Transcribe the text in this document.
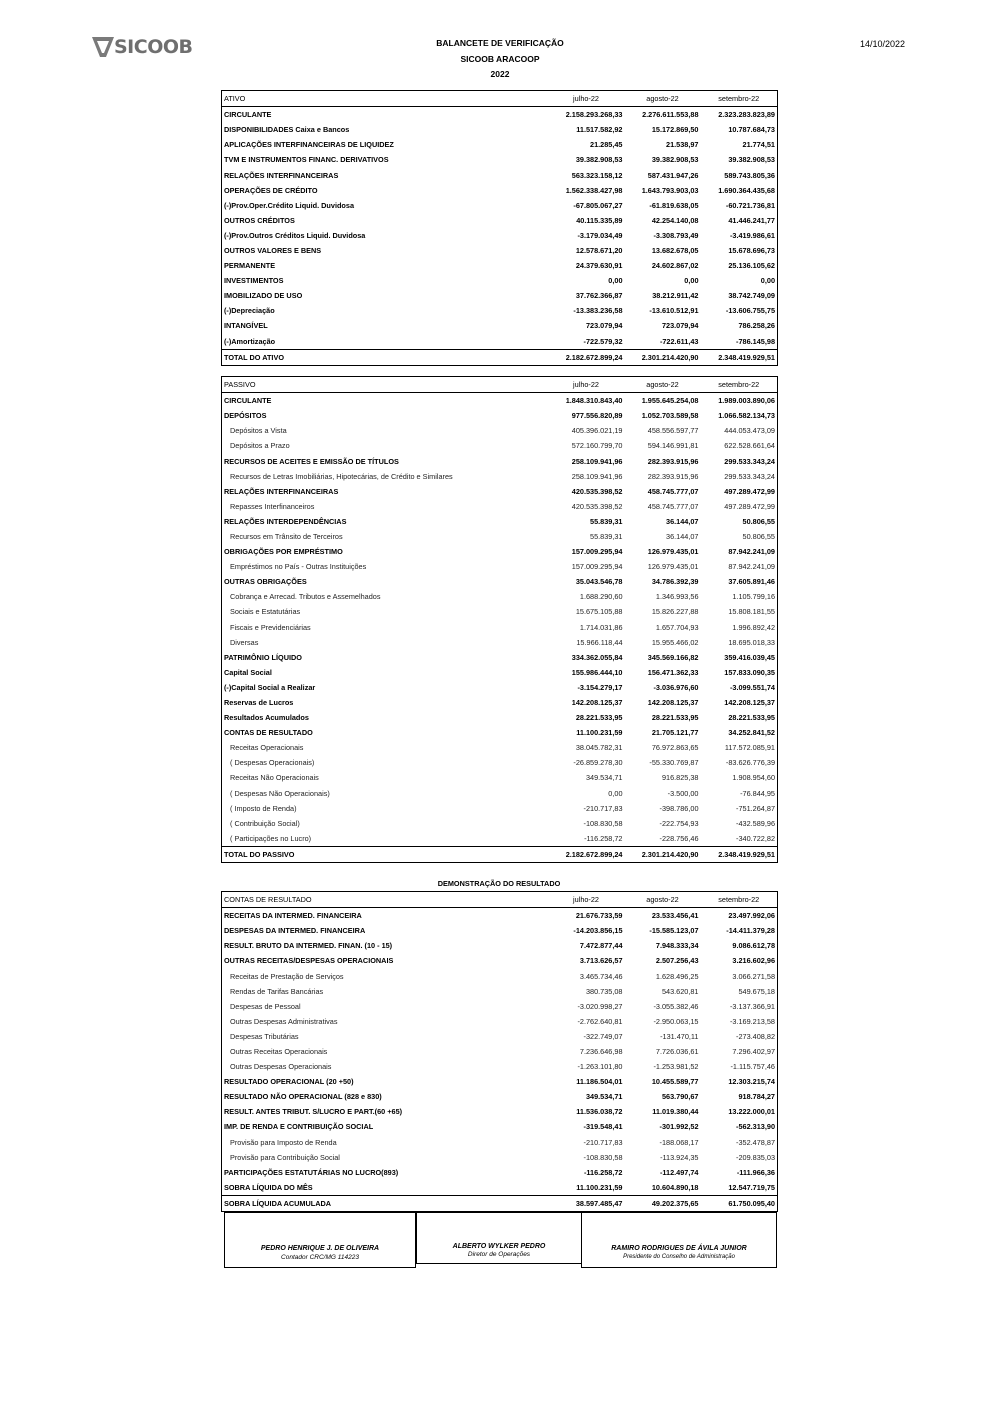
SICOOB	14/10/2022
BALANCETE DE VERIFICAÇÃO
SICOOB ARACOOP
2022
ATIVO	julho-22	agosto-22	setembro-22
CIRCULANTE	2.158.293.268,33	2.276.611.553,88	2.323.283.823,89
DISPONIBILIDADES Caixa e Bancos	11.517.582,92	15.172.869,50	10.787.684,73
APLICAÇÕES INTERFINANCEIRAS DE LIQUIDEZ	21.285,45	21.538,97	21.774,51
TVM E INSTRUMENTOS FINANC. DERIVATIVOS	39.382.908,53	39.382.908,53	39.382.908,53
RELAÇÕES INTERFINANCEIRAS	563.323.158,12	587.431.947,26	589.743.805,36
OPERAÇÕES DE CRÉDITO	1.562.338.427,98	1.643.793.903,03	1.690.364.435,68
(-)Prov.Oper.Crédito Liquid. Duvidosa	-67.805.067,27	-61.819.638,05	-60.721.736,81
OUTROS CRÉDITOS	40.115.335,89	42.254.140,08	41.446.241,77
(-)Prov.Outros Créditos Liquid. Duvidosa	-3.179.034,49	-3.308.793,49	-3.419.986,61
OUTROS VALORES E BENS	12.578.671,20	13.682.678,05	15.678.696,73
PERMANENTE	24.379.630,91	24.602.867,02	25.136.105,62
INVESTIMENTOS	0,00	0,00	0,00
IMOBILIZADO DE USO	37.762.366,87	38.212.911,42	38.742.749,09
(-)Depreciação	-13.383.236,58	-13.610.512,91	-13.606.755,75
INTANGÍVEL	723.079,94	723.079,94	786.258,26
(-)Amortização	-722.579,32	-722.611,43	-786.145,98
TOTAL DO ATIVO	2.182.672.899,24	2.301.214.420,90	2.348.419.929,51
PASSIVO	julho-22	agosto-22	setembro-22
CIRCULANTE	1.848.310.843,40	1.955.645.254,08	1.989.003.890,06
DEPÓSITOS	977.556.820,89	1.052.703.589,58	1.066.582.134,73
Depósitos a Vista	405.396.021,19	458.556.597,77	444.053.473,09
Depósitos a Prazo	572.160.799,70	594.146.991,81	622.528.661,64
RECURSOS DE ACEITES E EMISSÃO DE TÍTULOS	258.109.941,96	282.393.915,96	299.533.343,24
Recursos de Letras Imobiliárias, Hipotecárias, de Crédito e Similares	258.109.941,96	282.393.915,96	299.533.343,24
RELAÇÕES INTERFINANCEIRAS	420.535.398,52	458.745.777,07	497.289.472,99
Repasses Interfinanceiros	420.535.398,52	458.745.777,07	497.289.472,99
RELAÇÕES INTERDEPENDÊNCIAS	55.839,31	36.144,07	50.806,55
Recursos em Trânsito de Terceiros	55.839,31	36.144,07	50.806,55
OBRIGAÇÕES POR EMPRÉSTIMO	157.009.295,94	126.979.435,01	87.942.241,09
Empréstimos no País - Outras Instituições	157.009.295,94	126.979.435,01	87.942.241,09
OUTRAS OBRIGAÇÕES	35.043.546,78	34.786.392,39	37.605.891,46
Cobrança e Arrecad. Tributos e Assemelhados	1.688.290,60	1.346.993,56	1.105.799,16
Sociais e Estatutárias	15.675.105,88	15.826.227,88	15.808.181,55
Fiscais e Previdenciárias	1.714.031,86	1.657.704,93	1.996.892,42
Diversas	15.966.118,44	15.955.466,02	18.695.018,33
PATRIMÔNIO LÍQUIDO	334.362.055,84	345.569.166,82	359.416.039,45
Capital Social	155.986.444,10	156.471.362,33	157.833.090,35
(-)Capital Social a Realizar	-3.154.279,17	-3.036.976,60	-3.099.551,74
Reservas de Lucros	142.208.125,37	142.208.125,37	142.208.125,37
Resultados Acumulados	28.221.533,95	28.221.533,95	28.221.533,95
CONTAS DE RESULTADO	11.100.231,59	21.705.121,77	34.252.841,52
Receitas Operacionais	38.045.782,31	76.972.863,65	117.572.085,91
( Despesas Operacionais)	-26.859.278,30	-55.330.769,87	-83.626.776,39
Receitas Não Operacionais	349.534,71	916.825,38	1.908.954,60
( Despesas Não Operacionais)	0,00	-3.500,00	-76.844,95
( Imposto de Renda)	-210.717,83	-398.786,00	-751.264,87
( Contribuição Social)	-108.830,58	-222.754,93	-432.589,96
( Participações no Lucro)	-116.258,72	-228.756,46	-340.722,82
TOTAL DO PASSIVO	2.182.672.899,24	2.301.214.420,90	2.348.419.929,51
DEMONSTRAÇÃO DO RESULTADO
CONTAS DE RESULTADO	julho-22	agosto-22	setembro-22
RECEITAS DA INTERMED. FINANCEIRA	21.676.733,59	23.533.456,41	23.497.992,06
DESPESAS DA INTERMED. FINANCEIRA	-14.203.856,15	-15.585.123,07	-14.411.379,28
RESULT. BRUTO DA INTERMED. FINAN. (10 - 15)	7.472.877,44	7.948.333,34	9.086.612,78
OUTRAS RECEITAS/DESPESAS OPERACIONAIS	3.713.626,57	2.507.256,43	3.216.602,96
Receitas de Prestação de Serviços	3.465.734,46	1.628.496,25	3.066.271,58
Rendas de Tarifas Bancárias	380.735,08	543.620,81	549.675,18
Despesas de Pessoal	-3.020.998,27	-3.055.382,46	-3.137.366,91
Outras Despesas Administrativas	-2.762.640,81	-2.950.063,15	-3.169.213,58
Despesas Tributárias	-322.749,07	-131.470,11	-273.408,82
Outras Receitas Operacionais	7.236.646,98	7.726.036,61	7.296.402,97
Outras Despesas Operacionais	-1.263.101,80	-1.253.981,52	-1.115.757,46
RESULTADO OPERACIONAL (20 +50)	11.186.504,01	10.455.589,77	12.303.215,74
RESULTADO NÃO OPERACIONAL (828 e 830)	349.534,71	563.790,67	918.784,27
RESULT. ANTES TRIBUT. S/LUCRO E PART.(60 +65)	11.536.038,72	11.019.380,44	13.222.000,01
IMP. DE RENDA E CONTRIBUIÇÃO SOCIAL	-319.548,41	-301.992,52	-562.313,90
Provisão para Imposto de Renda	-210.717,83	-188.068,17	-352.478,87
Provisão para Contribuição Social	-108.830,58	-113.924,35	-209.835,03
PARTICIPAÇÕES ESTATUTÁRIAS NO LUCRO(893)	-116.258,72	-112.497,74	-111.966,36
SOBRA LÍQUIDA DO MÊS	11.100.231,59	10.604.890,18	12.547.719,75
SOBRA LÍQUIDA ACUMULADA	38.597.485,47	49.202.375,65	61.750.095,40
PEDRO HENRIQUE J. DE OLIVEIRA
Contador CRC/MG 114223
ALBERTO WYLKER PEDRO
Diretor de Operações
RAMIRO RODRIGUES DE ÁVILA JUNIOR
Presidente do Conselho de Administração
